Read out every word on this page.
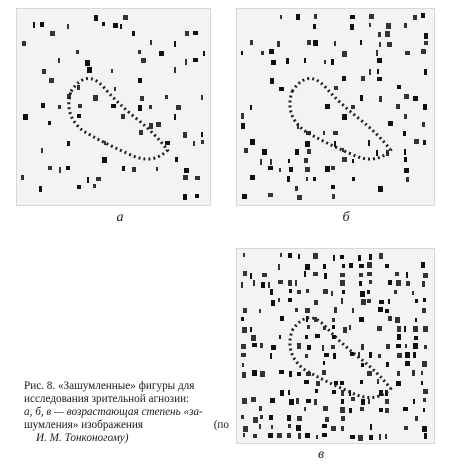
а	б
в

Рис. 8. «Зашумленные» фигуры для

исследования зрительной агнозии:

а, б, в — возрастающая степень «за-

шумления» изображения	(по

И. М. Тонконогому)
